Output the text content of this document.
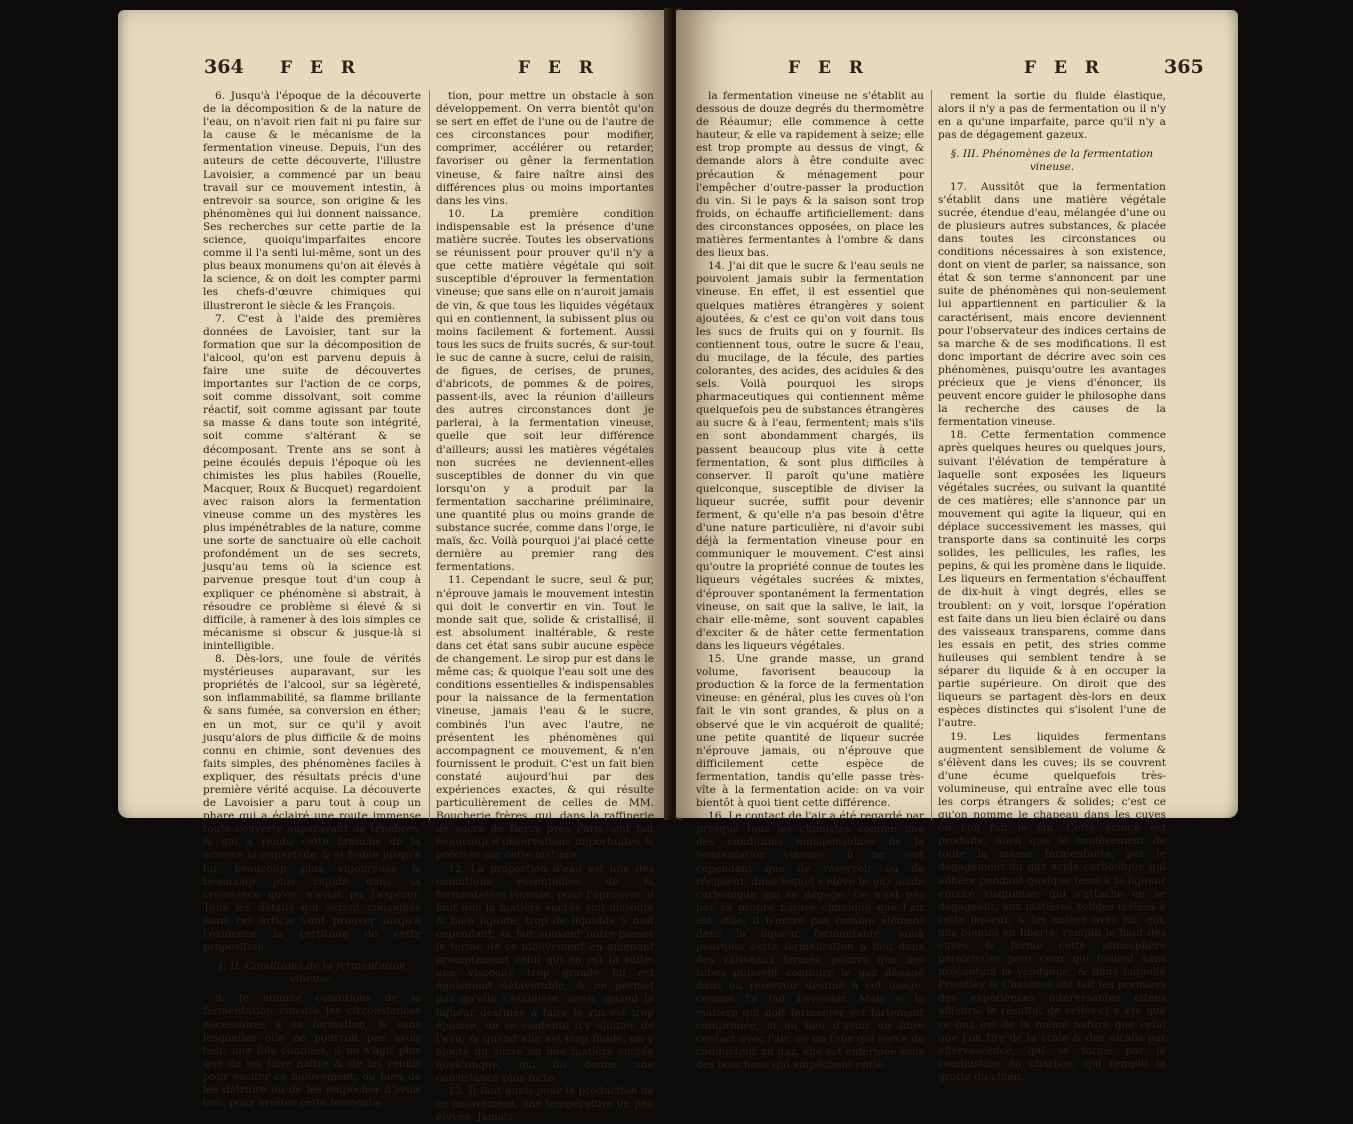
364 F E R	F E R

6. Jusqu'à l'époque de la découverte de la décomposition & de la nature de l'eau, on n'avoit rien fait ni pu faire sur la cause & le mécanisme de la fermentation vineuse. Depuis, l'un des auteurs de cette découverte, l'illustre Lavoisier, a commencé par un beau travail sur ce mouvement intestin, à entrevoir sa source, son origine & les phénomènes qui lui donnent naissance. Ses recherches sur cette partie de la science, quoiqu'imparfaites encore comme il l'a senti lui-même, sont un des plus beaux monumens qu'on ait élevés à la science, & on doit les compter parmi les chefs-d'œuvre chimiques qui illustreront le siècle & les François.

7. C'est à l'aide des premières données de Lavoisier, tant sur la formation que sur la décomposition de l'alcool, qu'on est parvenu depuis à faire une suite de découvertes importantes sur l'action de ce corps, soit comme dissolvant, soit comme réactif, soit comme agissant par toute sa masse & dans toute son intégrité, soit comme s'altérant & se décomposant. Trente ans se sont à peine écoulés depuis l'époque où les chimistes les plus habiles (Rouelle, Macquer, Roux & Bucquet) regardoient avec raison alors la fermentation vineuse comme un des mystères les plus impénétrables de la nature, comme une sorte de sanctuaire où elle cachoit profondément un de ses secrets, jusqu'au tems où la science est parvenue presque tout d'un coup à expliquer ce phénomène si abstrait, à résoudre ce problème si élevé & si difficile, à ramener à des lois simples ce mécanisme si obscur & jusque-là si inintelligible.

8. Dès-lors, une foule de vérités mystérieuses auparavant, sur les propriétés de l'alcool, sur sa légèreté, son inflammabilité, sa flamme brillante & sans fumée, sa conversion en éther; en un mot, sur ce qu'il y avoit jusqu'alors de plus difficile & de moins connu en chimie, sont devenues des faits simples, des phénomènes faciles à expliquer, des résultats précis d'une première vérité acquise. La découverte de Lavoisier a paru tout à coup un phare qui a éclairé une route immense toute couverte auparavant de ténèbres, & qui a rendu cette branche de la science si imparfaite & si foible jusqu'à lui, beaucoup plus vigoureuse & beaucoup plus rapide dans sa croissance qu'on n'avoit pu l'espérer. Tous les détails qui seront consignés dans cet article vont prouver jusqu'à l'évidence la certitude de cette proposition.

§. II. Conditions de la fermentation vineuse.

9. Je nomme conditions de la fermentation vineuse les circonstances nécessaires à sa formation, & sans lesquelles elle ne pourroit pas avoir lieu: une fois connues, il ne s'agit plus que de les faire naître & de les réunir pour exciter ce mouvement, ou bien de les détruire ou de les empêcher d'avoir lieu, pour arrêter cette fermenta-

tion, pour mettre un obstacle à son développement. On verra bientôt qu'on se sert en effet de l'une ou de l'autre de ces circonstances pour modifier, comprimer, accélérer ou retarder, favoriser ou gêner la fermentation vineuse, & faire naître ainsi des différences plus ou moins importantes dans les vins.

10. La première condition indispensable est la présence d'une matière sucrée. Toutes les observations se réunissent pour prouver qu'il n'y a que cette matière végétale qui soit susceptible d'éprouver la fermentation vineuse; que sans elle on n'auroit jamais de vin, & que tous les liquides végétaux qui en contiennent, la subissent plus ou moins facilement & fortement. Aussi tous les sucs de fruits sucrés, & sur-tout le suc de canne à sucre, celui de raisin, de figues, de cerises, de prunes, d'abricots, de pommes & de poires, passent-ils, avec la réunion d'ailleurs des autres circonstances dont je parlerai, à la fermentation vineuse, quelle que soit leur différence d'ailleurs; aussi les matières végétales non sucrées ne deviennent-elles susceptibles de donner du vin que lorsqu'on y a produit par la fermentation saccharine préliminaire, une quantité plus ou moins grande de substance sucrée, comme dans l'orge, le maïs, &c. Voilà pourquoi j'ai placé cette dernière au premier rang des fermentations.

11. Cependant le sucre, seul & pur, n'éprouve jamais le mouvement intestin qui doit le convertir en vin. Tout le monde sait que, solide & cristallisé, il est absolument inaltérable, & reste dans cet état sans subir aucune espèce de changement. Le sirop pur est dans le même cas; & quoique l'eau soit une des conditions essentielles & indispensables pour la naissance de la fermentation vineuse, jamais l'eau & le sucre, combinés l'un avec l'autre, ne présentent les phénomènes qui accompagnent ce mouvement, & n'en fournissent le produit. C'est un fait bien constaté aujourd'hui par des expériences exactes, & qui résulte particulièrement de celles de MM. Boucherie frères, qui, dans la raffinerie de sucre de Bercy près Paris, ont fait beaucoup d'observations importantes & précises sur cette matière.

12. La proportion d'eau est une des conditions essentielles de la fermentation vineuse: pour l'éprouver, il faut que la matière sucrée soit dissoute & bien liquide; trop de liquidité y nuit cependant, & fait souvent outre-passer le terme de ce mouvement en amenant promptement celui qui en est la suite: une viscosité trop grande lui est également défavorable, & ne permet pas qu'elle s'établisse; aussi, quand la liqueur destinée à faire le vin est trop épaisse, on se contente d'y ajouter de l'eau; & quand elle est trop fluide, on y ajoute du sucre ou une matière sucrée quelconque, qui lui donne une consistance plus forte.

13. Il faut aussi pour la production de ce mouvement, une température un peu élevée. Jamais

F E R	F E R	365

la fermentation vineuse ne s'établit au dessous de douze degrés du thermomètre de Réaumur; elle commence à cette hauteur, & elle va rapidement à seize; elle est trop prompte au dessus de vingt, & demande alors à être conduite avec précaution & ménagement pour l'empêcher d'outre-passer la production du vin. Si le pays & la saison sont trop froids, on échauffe artificiellement: dans des circonstances opposées, on place les matières fermentantes à l'ombre & dans des lieux bas.

14. J'ai dit que le sucre & l'eau seuls ne pouvoient jamais subir la fermentation vineuse. En effet, il est essentiel que quelques matières étrangères y soient ajoutées, & c'est ce qu'on voit dans tous les sucs de fruits qui on y fournit. Ils contiennent tous, outre le sucre & l'eau, du mucilage, de la fécule, des parties colorantes, des acides, des acidules & des sels. Voilà pourquoi les sirops pharmaceutiques qui contiennent même quelquefois peu de substances étrangères au sucre & à l'eau, fermentent; mais s'ils en sont abondamment chargés, ils passent beaucoup plus vite à cette fermentation, & sont plus difficiles à conserver. Il paroît qu'une matière quelconque, susceptible de diviser la liqueur sucrée, suffit pour devenir ferment, & qu'elle n'a pas besoin d'être d'une nature particulière, ni d'avoir subi déjà la fermentation vineuse pour en communiquer le mouvement. C'est ainsi qu'outre la propriété connue de toutes les liqueurs végétales sucrées & mixtes, d'éprouver spontanément la fermentation vineuse, on sait que la salive, le lait, la chair elle-même, sont souvent capables d'exciter & de hâter cette fermentation dans les liqueurs végétales.

15. Une grande masse, un grand volume, favorisent beaucoup la production & la force de la fermentation vineuse: en général, plus les cuves où l'on fait le vin sont grandes, & plus on a observé que le vin acquéroit de qualité; une petite quantité de liqueur sucrée n'éprouve jamais, ou n'éprouve que difficilement cette espèce de fermentation, tandis qu'elle passe très-vîte à la fermentation acide: on va voir bientôt à quoi tient cette différence.

16. Le contact de l'air a été regardé par presque tous les chimistes comme une des conditions indispensables de la fermentation vineuse; il ne sert cependant que de réservoir ou de récipient, dans lequel s'élève le gaz acide carbonique qui se dégage. Ce n'est pas par sa propre nature chimique que l'air est utile; il n'entre pas comme élément dans la liqueur fermentante: voilà pourquoi cette fermentation a lieu dans des vaisseaux fermés, pourvu que des tubes puissent conduire le gaz dégagé dans un réservoir destiné à cet usage, comme l'a fait Lavoisier. Mais si la matière qui doit fermenter est fortement comprimée, si au lieu d'avoir un libre contact avec l'air, ou un tube qui serve de conducteur au gaz, elle est enfermée sous des bouchons qui empêchent entiè-

rement la sortie du fluide élastique, alors il n'y a pas de fermentation ou il n'y en a qu'une imparfaite, parce qu'il n'y a pas de dégagement gazeux.

§. III. Phénomènes de la fermentation vineuse.

17. Aussitôt que la fermentation s'établit dans une matière végétale sucrée, étendue d'eau, mélangée d'une ou de plusieurs autres substances, & placée dans toutes les circonstances ou conditions nécessaires à son existence, dont on vient de parler, sa naissance, son état & son terme s'annoncent par une suite de phénomènes qui non-seulement lui appartiennent en particulier & la caractérisent, mais encore deviennent pour l'observateur des indices certains de sa marche & de ses modifications. Il est donc important de décrire avec soin ces phénomènes, puisqu'outre les avantages précieux que je viens d'énoncer, ils peuvent encore guider le philosophe dans la recherche des causes de la fermentation vineuse.

18. Cette fermentation commence après quelques heures ou quelques jours, suivant l'élévation de température à laquelle sont exposées les liqueurs végétales sucrées, ou suivant la quantité de ces matières; elle s'annonce par un mouvement qui agite la liqueur, qui en déplace successivement les masses, qui transporte dans sa continuité les corps solides, les pellicules, les rafles, les pepins, & qui les promène dans le liquide. Les liqueurs en fermentation s'échauffent de dix-huit à vingt degrés, elles se troublent: on y voit, lorsque l'opération est faite dans un lieu bien éclairé ou dans des vaisseaux transparens, comme dans les essais en petit, des stries comme huileuses qui semblent tendre à se séparer du liquide & à en occuper la partie supérieure. On diroit que des liqueurs se partagent dès-lors en deux espèces distinctes qui s'isolent l'une de l'autre.

19. Les liquides fermentans augmentent sensiblement de volume & s'élèvent dans les cuves; ils se couvrent d'une écume quelquefois très-volumineuse, qui entraîne avec elle tous les corps étrangers & solides; c'est ce qu'on nomme le chapeau dans les cuves où l'on fait le vin. Cette écume est produite, ainsi que le soulèvement de toute la masse fermentante, par le dégagement du gaz acide carbonique qui adhère pendant quelque tems à la liqueur encore visqueuse; qui s'attache en se dégageant, aux matières solides mêlées à cette liqueur, & les enlève avec lui; qui, mis bientôt en liberté, remplit le haut des cuves & forme cette atmosphère pernicieuse pour ceux qui foulent sans précaution la vendange, & dans laquelle Priestley & Chaulnes ont fait les premiers des expériences intéressantes citées ailleurs: le résultat de celles-ci a été que ce gaz est de la même nature que celui que l'on tire de la craie & des alcalis par effervescence, qui se forme par la combustion du charbon, qui remplit la grotte du chien,
